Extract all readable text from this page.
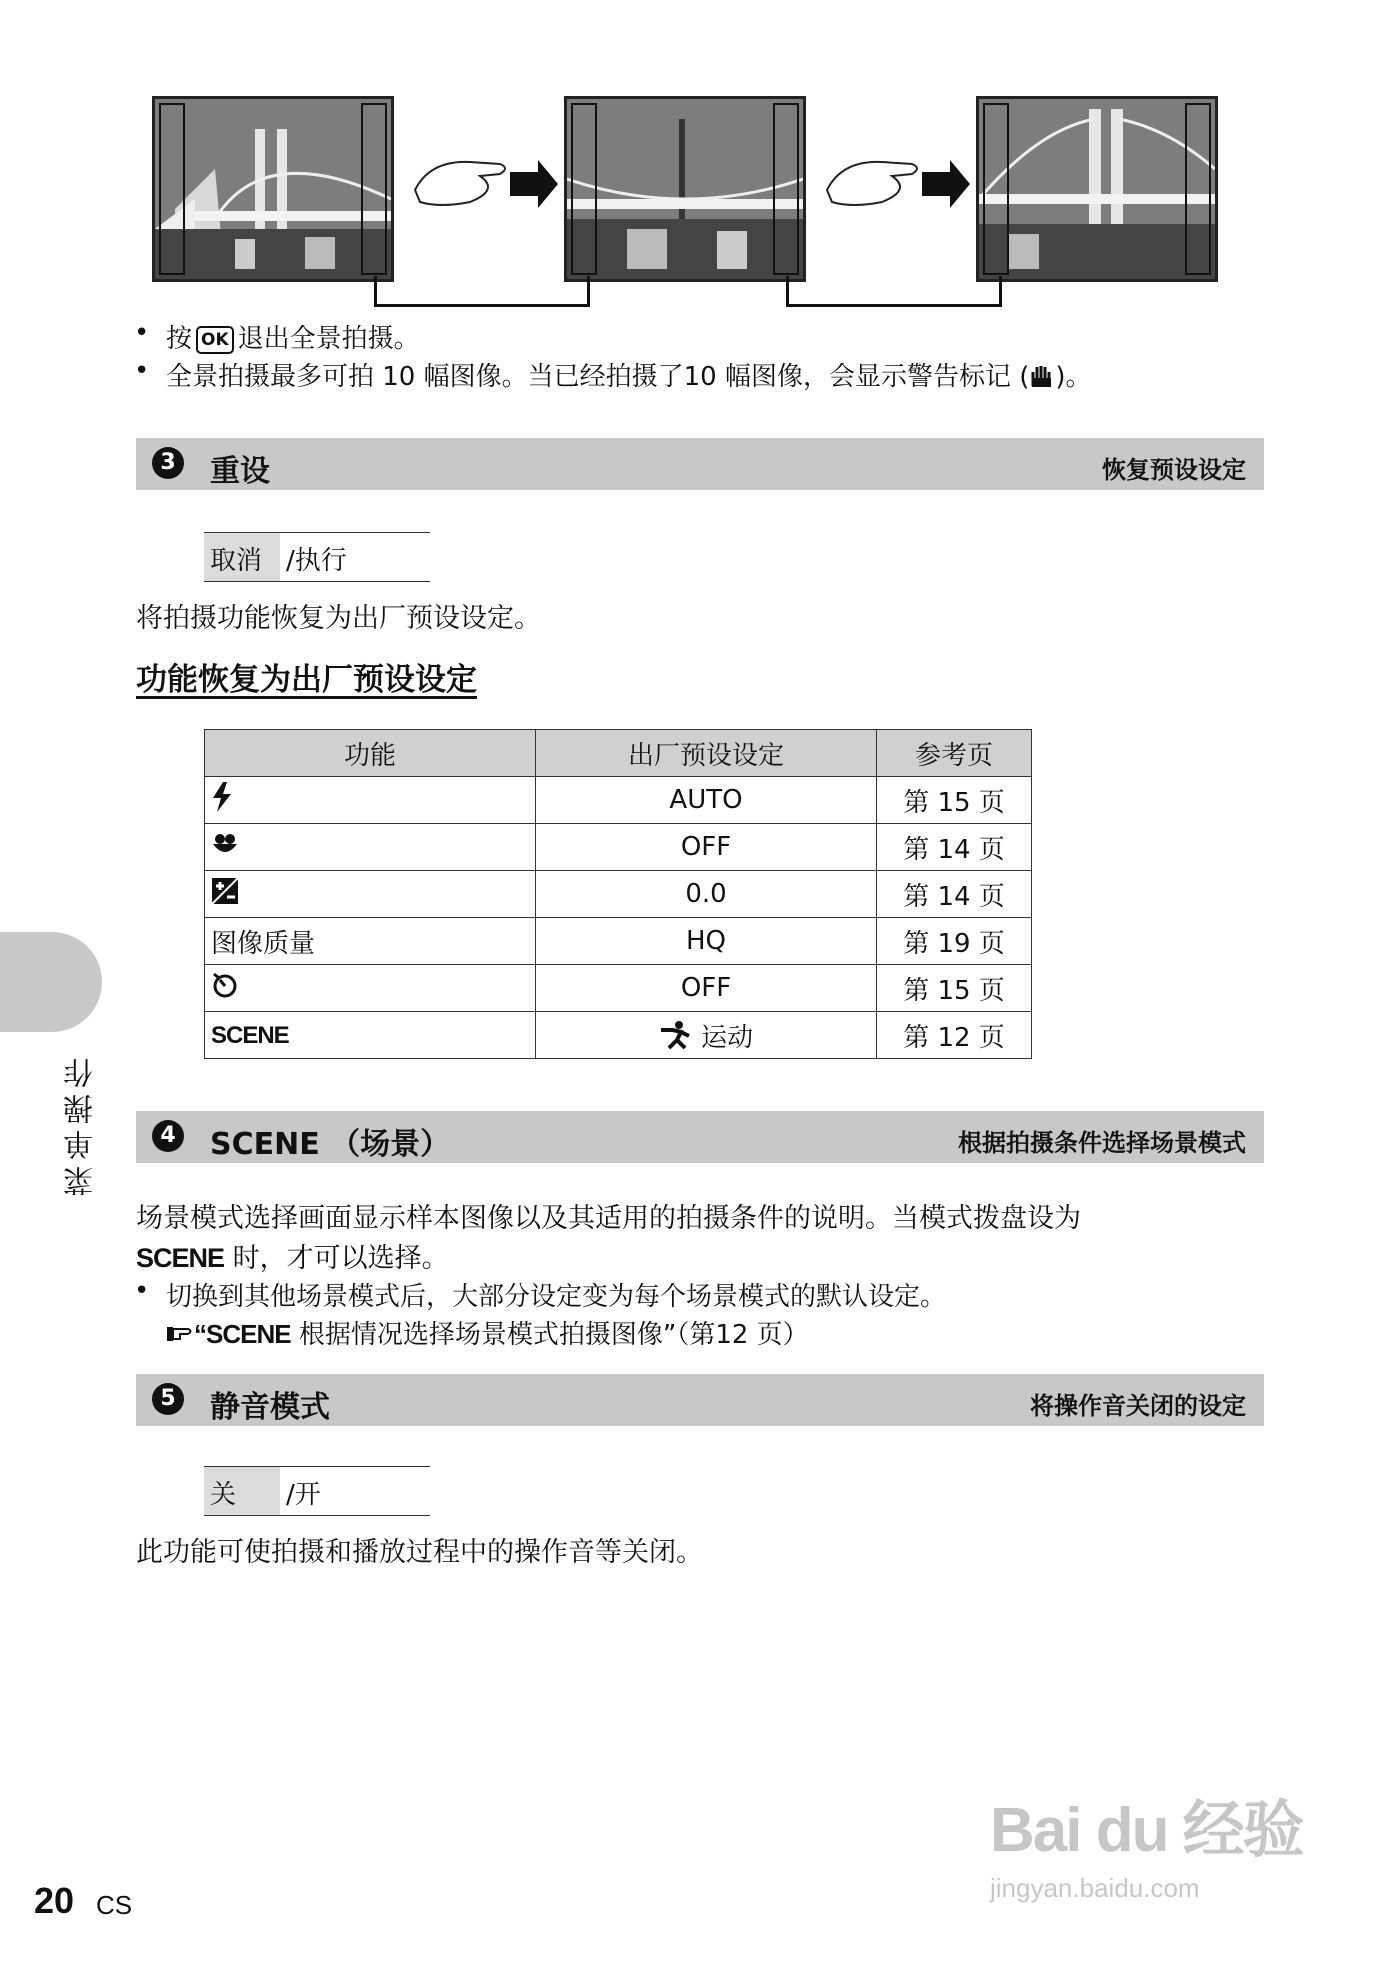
• 按 OK 退出全景拍摄。
• 全景拍摄最多可拍 10 幅图像。当已经拍摄了10 幅图像，会显示警告标记 ( )。
3 重设	恢复预设设定
取消 /执行
将拍摄功能恢复为出厂预设设定。
功能恢复为出厂预设设定
功能	出厂预设设定	参考页
	AUTO	第 15 页
	OFF	第 14 页
	0.0	第 14 页
图像质量	HQ	第 19 页
	OFF	第 15 页
SCENE	运动	第 12 页
4 SCENE （场景）	根据拍摄条件选择场景模式
场景模式选择画面显示样本图像以及其适用的拍摄条件的说明。当模式拨盘设为
SCENE 时，才可以选择。
• 切换到其他场景模式后，大部分设定变为每个场景模式的默认设定。
“SCENE 根据情况选择场景模式拍摄图像”（第12 页）
5 静音模式	将操作音关闭的设定
关 /开
此功能可使拍摄和播放过程中的操作音等关闭。
菜单操作
20 CS
Bai du 经验
jingyan.baidu.com
